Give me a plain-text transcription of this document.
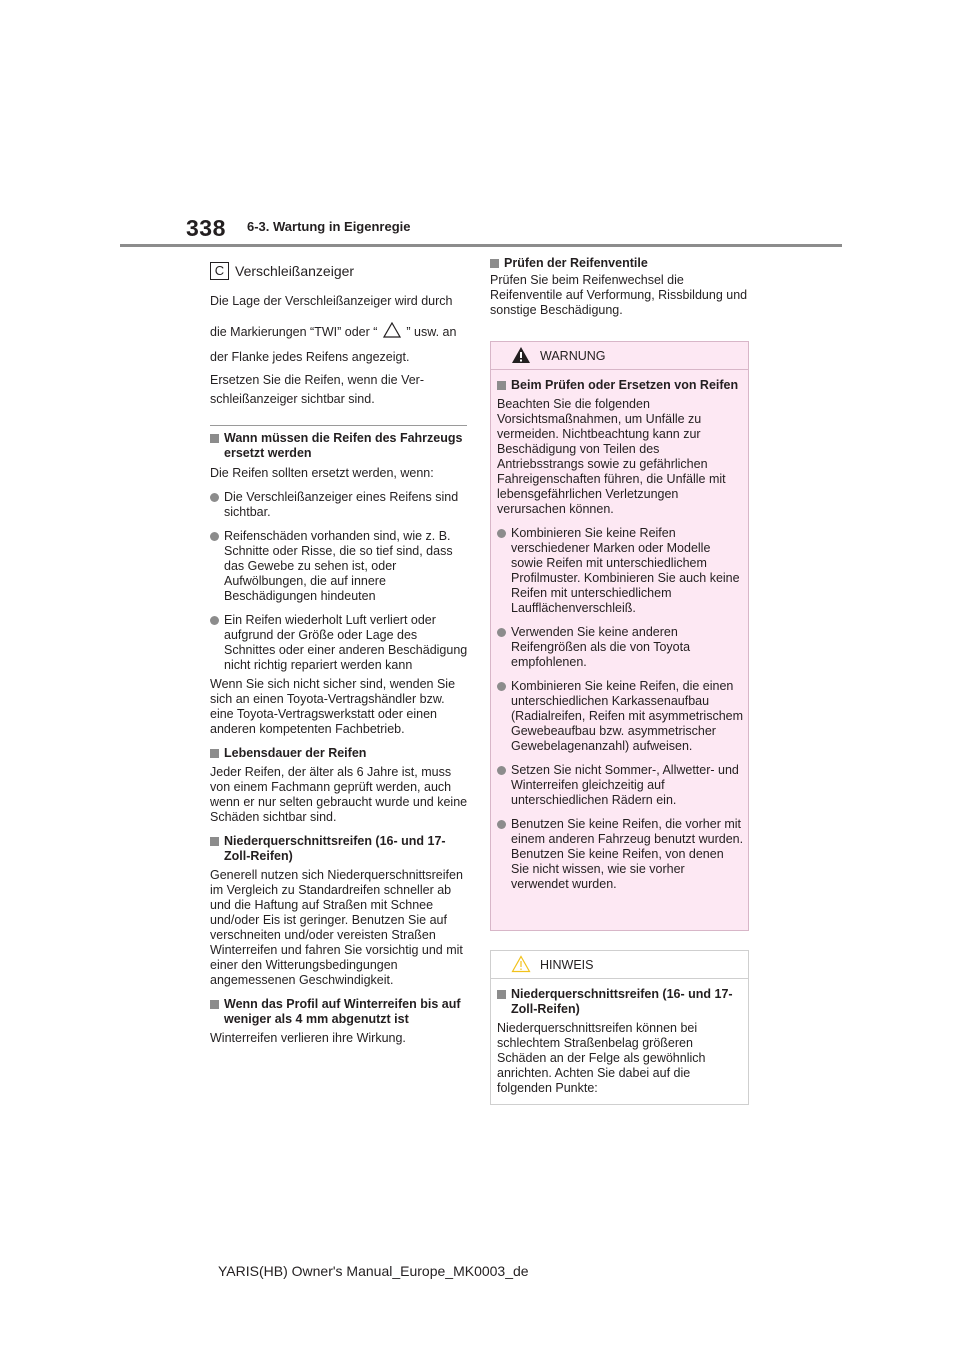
338 6-3. Wartung in Eigenregie
C Verschleißanzeiger
Die Lage der Verschleißanzeiger wird durch
die Markierungen “TWI” oder “ ” usw. an
der Flanke jedes Reifens angezeigt.
Ersetzen Sie die Reifen, wenn die Ver-
schleißanzeiger sichtbar sind.

Wann müssen die Reifen des Fahrzeugs ersetzt werden

Die Reifen sollten ersetzt werden, wenn:

Die Verschleißanzeiger eines Reifens sind sichtbar.

Reifenschäden vorhanden sind, wie z. B. Schnitte oder Risse, die so tief sind, dass das Gewebe zu sehen ist, oder Aufwölbungen, die auf innere Beschädigungen hindeuten

Ein Reifen wiederholt Luft verliert oder aufgrund der Größe oder Lage des Schnittes oder einer anderen Beschädigung nicht richtig repariert werden kann

Wenn Sie sich nicht sicher sind, wenden Sie sich an einen Toyota-Vertragshändler bzw. eine Toyota-Vertragswerkstatt oder einen anderen kompetenten Fachbetrieb.

Lebensdauer der Reifen

Jeder Reifen, der älter als 6 Jahre ist, muss von einem Fachmann geprüft werden, auch wenn er nur selten gebraucht wurde und keine Schäden sichtbar sind.

Niederquerschnittsreifen (16- und 17-Zoll-Reifen)

Generell nutzen sich Niederquerschnittsreifen im Vergleich zu Standardreifen schneller ab und die Haftung auf Straßen mit Schnee und/oder Eis ist geringer. Benutzen Sie auf verschneiten und/oder vereisten Straßen Winterreifen und fahren Sie vorsichtig und mit einer den Witterungsbedingungen angemessenen Geschwindigkeit.

Wenn das Profil auf Winterreifen bis auf weniger als 4 mm abgenutzt ist

Winterreifen verlieren ihre Wirkung.

Prüfen der Reifenventile

Prüfen Sie beim Reifenwechsel die Reifenventile auf Verformung, Rissbildung und sonstige Beschädigung.

WARNUNG

Beim Prüfen oder Ersetzen von Reifen

Beachten Sie die folgenden Vorsichtsmaßnahmen, um Unfälle zu vermeiden. Nichtbeachtung kann zur Beschädigung von Teilen des Antriebsstrangs sowie zu gefährlichen Fahreigenschaften führen, die Unfälle mit lebensgefährlichen Verletzungen verursachen können.

Kombinieren Sie keine Reifen verschiedener Marken oder Modelle sowie Reifen mit unterschiedlichem Profilmuster. Kombinieren Sie auch keine Reifen mit unterschiedlichem Laufflächenverschleiß.

Verwenden Sie keine anderen Reifengrößen als die von Toyota empfohlenen.

Kombinieren Sie keine Reifen, die einen unterschiedlichen Karkassenaufbau (Radialreifen, Reifen mit asymmetrischem Gewebeaufbau bzw. asymmetrischer Gewebelagenanzahl) aufweisen.

Setzen Sie nicht Sommer-, Allwetter- und Winterreifen gleichzeitig auf unterschiedlichen Rädern ein.

Benutzen Sie keine Reifen, die vorher mit einem anderen Fahrzeug benutzt wurden.

Benutzen Sie keine Reifen, von denen Sie nicht wissen, wie sie vorher verwendet wurden.

HINWEIS

Niederquerschnittsreifen (16- und 17-Zoll-Reifen)

Niederquerschnittsreifen können bei schlechtem Straßenbelag größeren Schäden an der Felge als gewöhnlich anrichten. Achten Sie dabei auf die folgenden Punkte:

YARIS(HB) Owner's Manual_Europe_MK0003_de
